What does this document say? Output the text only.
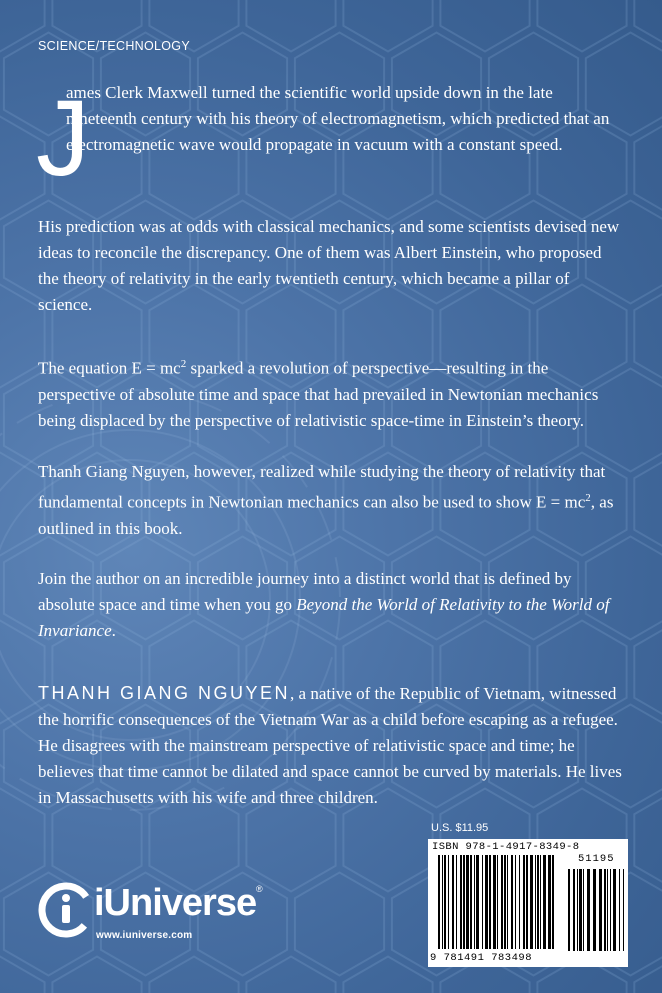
SCIENCE/TECHNOLOGY
J

ames Clerk Maxwell turned the scientific world upside down in the late nineteenth century with his theory of electromagnetism, which predicted that an electromagnetic wave would propagate in vacuum with a constant speed.

His prediction was at odds with classical mechanics, and some scientists devised new ideas to reconcile the discrepancy. One of them was Albert Einstein, who proposed the theory of relativity in the early twentieth century, which became a pillar of science.

The equation $E = mc^2$ sparked a revolution of perspective—resulting in the perspective of absolute time and space that had prevailed in Newtonian mechanics being displaced by the perspective of relativistic space-time in Einstein’s theory.

Thanh Giang Nguyen, however, realized while studying the theory of relativity that fundamental concepts in Newtonian mechanics can also be used to show $E = mc^2$, as outlined in this book.

Join the author on an incredible journey into a distinct world that is defined by absolute space and time when you go Beyond the World of Relativity to the World of Invariance.

THANH GIANG NGUYEN, a native of the Republic of Vietnam, witnessed the horrific consequences of the Vietnam War as a child before escaping as a refugee. He disagrees with the mainstream perspective of relativistic space and time; he believes that time cannot be dilated and space cannot be curved by materials. He lives in Massachusetts with his wife and three children.

U.S. $11.95
ISBN 978-1-4917-8349-8
51195
9 781491 783498
iUniverse ®
www.iuniverse.com
